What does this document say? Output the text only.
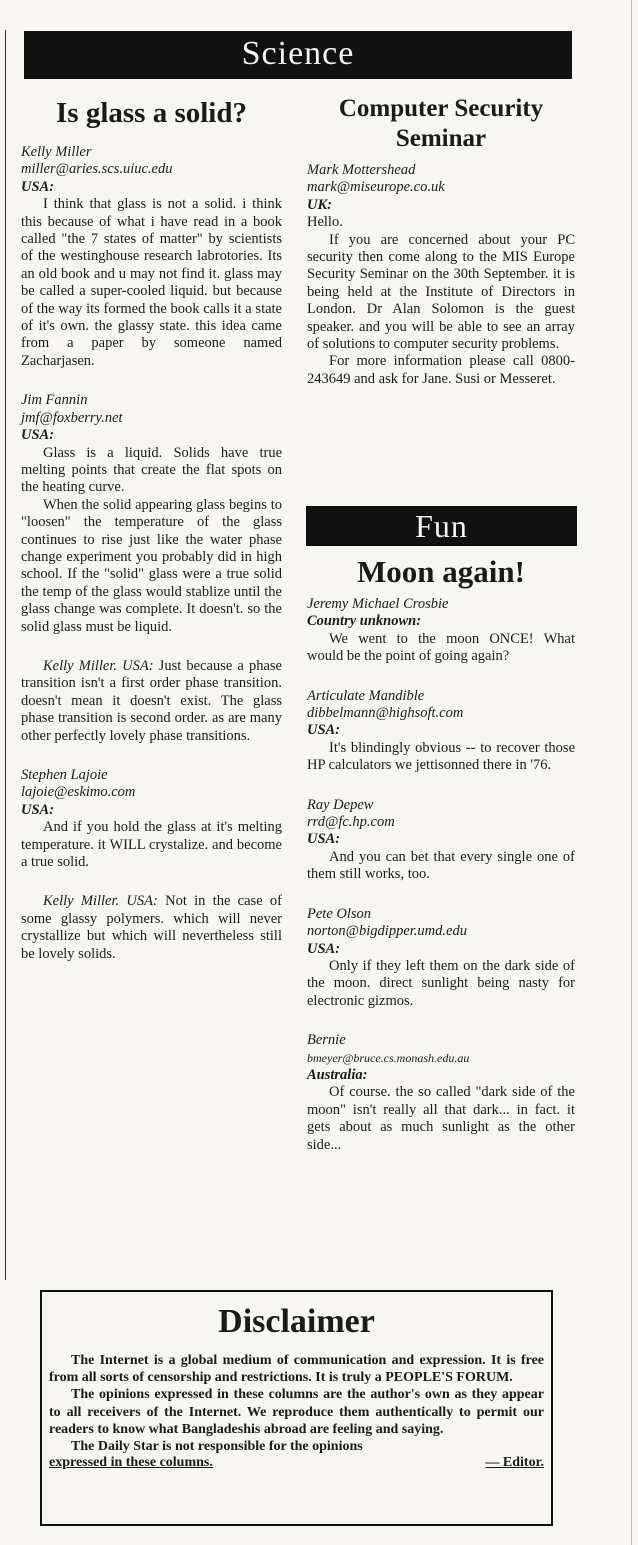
Science
Is glass a solid?

Kelly Miller

miller@aries.scs.uiuc.edu

USA:

I think that glass is not a solid. i think this because of what i have read in a book called "the 7 states of matter" by scientists of the westinghouse research labrotories. Its an old book and u may not find it. glass may be called a super-cooled liquid. but because of the way its formed the book calls it a state of it's own. the glassy state. this idea came from a paper by someone named Zacharjasen.

Jim Fannin

jmf@foxberry.net

USA:

Glass is a liquid. Solids have true melting points that create the flat spots on the heating curve.

When the solid appearing glass begins to "loosen" the temperature of the glass continues to rise just like the water phase change experiment you probably did in high school. If the "solid" glass were a true solid the temp of the glass would stablize until the glass change was complete. It doesn't. so the solid glass must be liquid.

Kelly Miller. USA: Just because a phase transition isn't a first order phase transition. doesn't mean it doesn't exist. The glass phase transition is second order. as are many other perfectly lovely phase transitions.

Stephen Lajoie

lajoie@eskimo.com

USA:

And if you hold the glass at it's melting temperature. it WILL crystalize. and become a true solid.

Kelly Miller. USA: Not in the case of some glassy polymers. which will never crystallize but which will nevertheless still be lovely solids.

Computer Security Seminar

Mark Mottershead

mark@miseurope.co.uk

UK:

Hello.

If you are concerned about your PC security then come along to the MIS Europe Security Seminar on the 30th September. it is being held at the Institute of Directors in London. Dr Alan Solomon is the guest speaker. and you will be able to see an array of solutions to computer security problems.

For more information please call 0800-243649 and ask for Jane. Susi or Messeret.

Fun
Moon again!

Jeremy Michael Crosbie

Country unknown:

We went to the moon ONCE! What would be the point of going again?

Articulate Mandible

dibbelmann@highsoft.com

USA:

It's blindingly obvious -- to recover those HP calculators we jettisonned there in '76.

Ray Depew

rrd@fc.hp.com

USA:

And you can bet that every single one of them still works, too.

Pete Olson

norton@bigdipper.umd.edu

USA:

Only if they left them on the dark side of the moon. direct sunlight being nasty for electronic gizmos.

Bernie

bmeyer@bruce.cs.monash.edu.au

Australia:

Of course. the so called "dark side of the moon" isn't really all that dark... in fact. it gets about as much sunlight as the other side...

Disclaimer

The Internet is a global medium of communication and expression. It is free from all sorts of censorship and restrictions. It is truly a PEOPLE'S FORUM.

The opinions expressed in these columns are the author's own as they appear to all receivers of the Internet. We reproduce them authentically to permit our readers to know what Bangladeshis abroad are feeling and saying.

The Daily Star is not responsible for the opinions

expressed in these columns.	— Editor.
